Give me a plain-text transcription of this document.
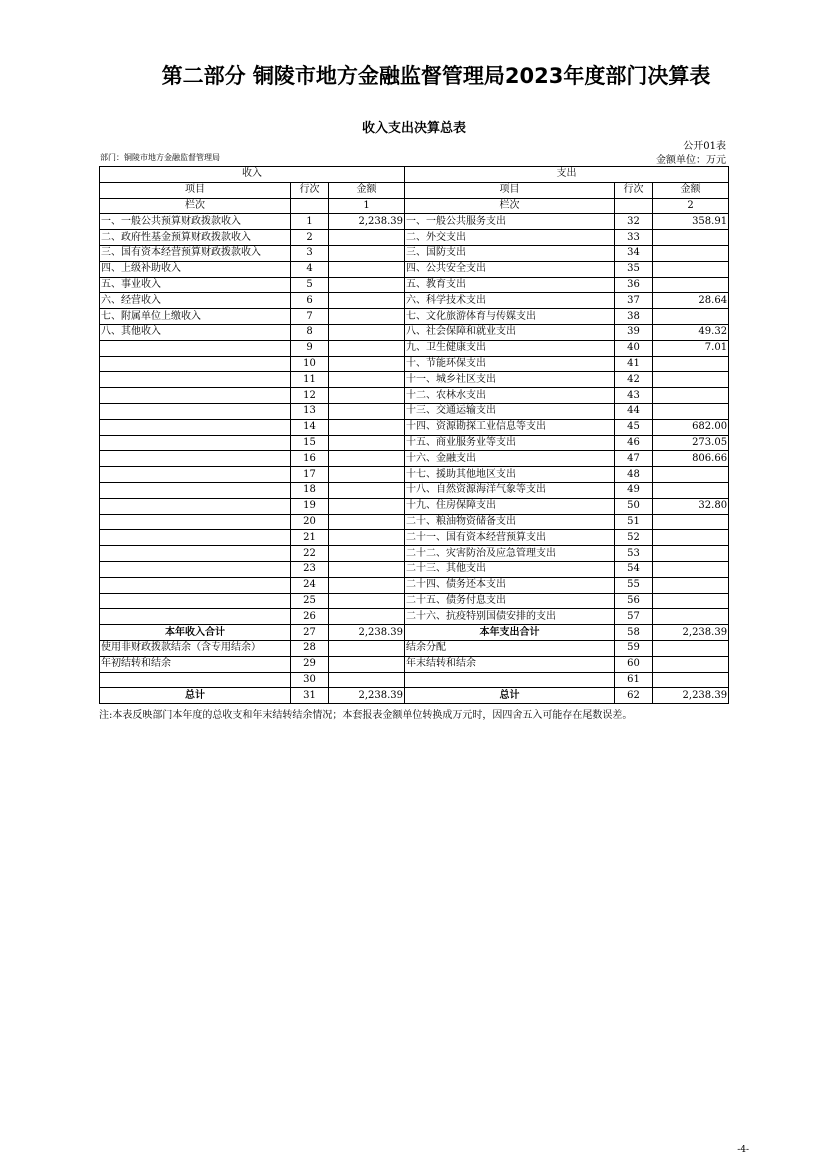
第二部分 铜陵市地方金融监督管理局2023年度部门决算表
收入支出决算总表
公开01表
部门：铜陵市地方金融监督管理局	金额单位：万元
收入			支出		
项目	行次	金额	项目	行次	金额
栏次		1	栏次		2
一、一般公共预算财政拨款收入	1	2,238.39	一、一般公共服务支出	32	358.91
二、政府性基金预算财政拨款收入	2		二、外交支出	33	
三、国有资本经营预算财政拨款收入	3		三、国防支出	34	
四、上级补助收入	4		四、公共安全支出	35	
五、事业收入	5		五、教育支出	36	
六、经营收入	6		六、科学技术支出	37	28.64
七、附属单位上缴收入	7		七、文化旅游体育与传媒支出	38	
八、其他收入	8		八、社会保障和就业支出	39	49.32
	9		九、卫生健康支出	40	7.01
	10		十、节能环保支出	41	
	11		十一、城乡社区支出	42	
	12		十二、农林水支出	43	
	13		十三、交通运输支出	44	
	14		十四、资源勘探工业信息等支出	45	682.00
	15		十五、商业服务业等支出	46	273.05
	16		十六、金融支出	47	806.66
	17		十七、援助其他地区支出	48	
	18		十八、自然资源海洋气象等支出	49	
	19		十九、住房保障支出	50	32.80
	20		二十、粮油物资储备支出	51	
	21		二十一、国有资本经营预算支出	52	
	22		二十二、灾害防治及应急管理支出	53	
	23		二十三、其他支出	54	
	24		二十四、债务还本支出	55	
	25		二十五、债务付息支出	56	
	26		二十六、抗疫特别国债安排的支出	57	
本年收入合计	27	2,238.39	本年支出合计	58	2,238.39
使用非财政拨款结余（含专用结余）	28		结余分配	59	
年初结转和结余	29		年末结转和结余	60	
	30			61	
总计	31	2,238.39	总计	62	2,238.39
注:本表反映部门本年度的总收支和年末结转结余情况；本套报表金额单位转换成万元时，因四舍五入可能存在尾数误差。
-4-
